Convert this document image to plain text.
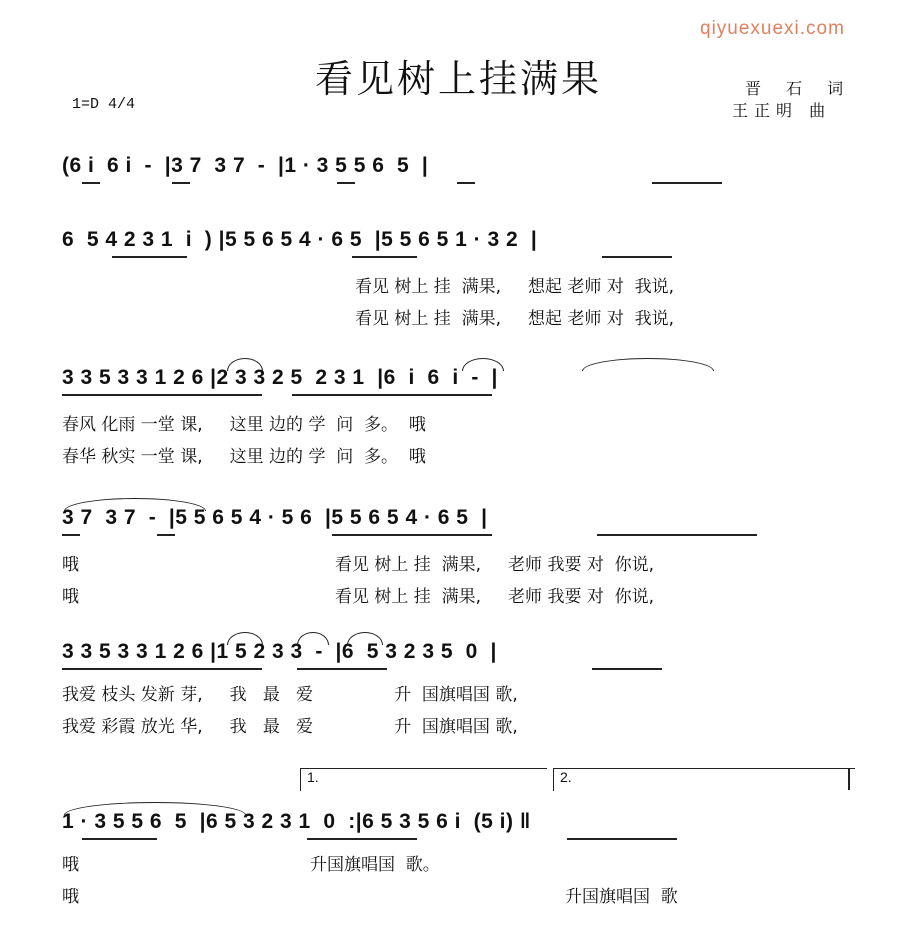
qiyuexuexi.com
看见树上挂满果	晋 石 词
王正明 曲
1=D 4/4
(6 i  6 i  -  |3 7  3 7  -  |1 · 3 5 5 6  5  |
6  5 4 2 3 1  i  ) |5 5 6 5 4 · 6 5  |5 5 6 5 1 · 3 2  |
看见 树上 挂  满果,     想起 老师 对  我说,
看见 树上 挂  满果,     想起 老师 对  我说,
3 3 5 3 3 1 2 6 |2 3 3 2 5  2 3 1  |6  i  6  i  -  |
春风 化雨 一堂 课,     这里 边的 学  问  多。  哦
春华 秋实 一堂 课,     这里 边的 学  问  多。  哦
3 7  3 7  -  |5 5 6 5 4 · 5 6  |5 5 6 5 4 · 6 5  |
哦	看见 树上 挂  满果,     老师 我要 对  你说,
哦	看见 树上 挂  满果,     老师 我要 对  你说,
3 3 5 3 3 1 2 6 |1 5 2 3 3  -  |6  5 3 2 3 5  0  |
我爱 枝头 发新 芽,     我   最   爱               升  国旗唱国 歌,
我爱 彩霞 放光 华,     我   最   爱               升  国旗唱国 歌,
1.	2.
1 · 3 5 5 6  5  |6 5 3 2 3 1  0  :|6 5 3 5 6 i  (5 i) ‖
哦	升国旗唱国  歌。
哦	升国旗唱国  歌
